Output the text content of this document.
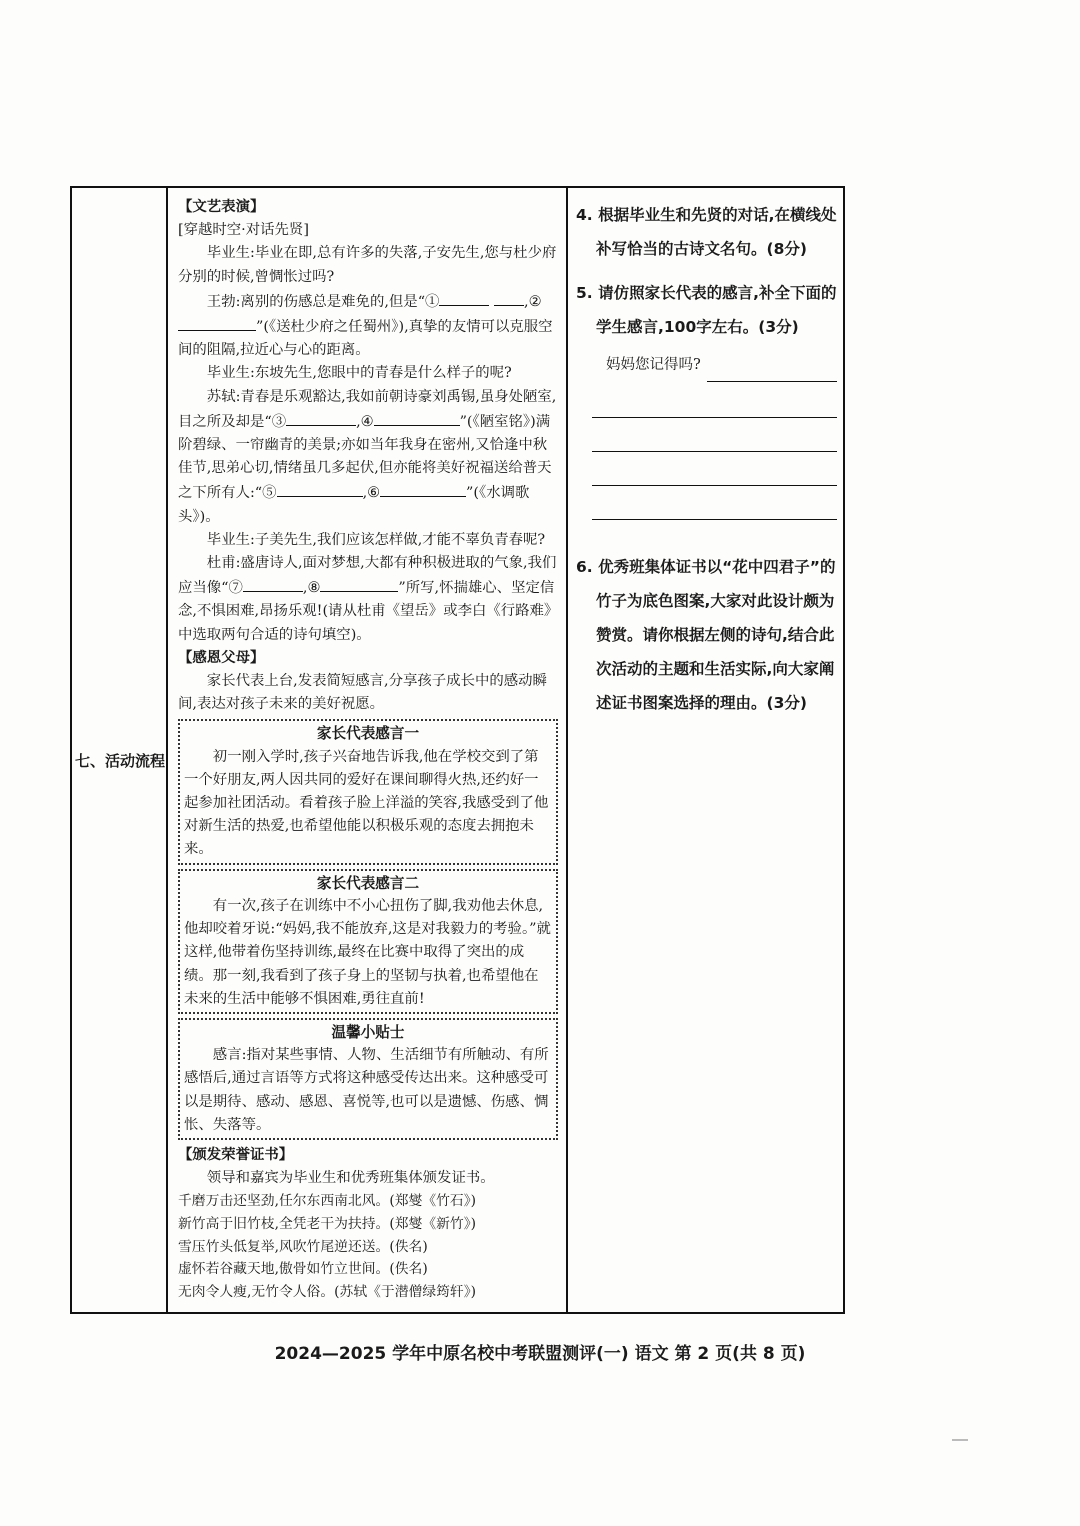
七、活动流程

【文艺表演】

[穿越时空·对话先贤]

毕业生:毕业在即,总有许多的失落,子安先生,您与杜少府分别的时候,曾惆怅过吗?

王勃:离别的伤感总是难免的,但是“①	,②”(《送杜少府之任蜀州》),真挚的友情可以克服空间的阻隔,拉近心与心的距离。

毕业生:东坡先生,您眼中的青春是什么样子的呢?

苏轼:青春是乐观豁达,我如前朝诗豪刘禹锡,虽身处陋室,目之所及却是“③	,④	”(《陋室铭》)满阶碧绿、一帘幽青的美景;亦如当年我身在密州,又恰逢中秋佳节,思弟心切,情绪虽几多起伏,但亦能将美好祝福送给普天之下所有人:“⑤	,⑥	”(《水调歌头》)。

毕业生:子美先生,我们应该怎样做,才能不辜负青春呢?

杜甫:盛唐诗人,面对梦想,大都有种积极进取的气象,我们应当像“⑦	,⑧	”所写,怀揣雄心、坚定信念,不惧困难,昂扬乐观!(请从杜甫《望岳》或李白《行路难》中选取两句合适的诗句填空)。

【感恩父母】

家长代表上台,发表简短感言,分享孩子成长中的感动瞬间,表达对孩子未来的美好祝愿。

家长代表感言一

初一刚入学时,孩子兴奋地告诉我,他在学校交到了第一个好朋友,两人因共同的爱好在课间聊得火热,还约好一起参加社团活动。看着孩子脸上洋溢的笑容,我感受到了他对新生活的热爱,也希望他能以积极乐观的态度去拥抱未来。

家长代表感言二

有一次,孩子在训练中不小心扭伤了脚,我劝他去休息,他却咬着牙说:“妈妈,我不能放弃,这是对我毅力的考验。”就这样,他带着伤坚持训练,最终在比赛中取得了突出的成绩。那一刻,我看到了孩子身上的坚韧与执着,也希望他在未来的生活中能够不惧困难,勇往直前!

温馨小贴士

感言:指对某些事情、人物、生活细节有所触动、有所感悟后,通过言语等方式将这种感受传达出来。这种感受可以是期待、感动、感恩、喜悦等,也可以是遗憾、伤感、惆怅、失落等。

【颁发荣誉证书】

领导和嘉宾为毕业生和优秀班集体颁发证书。

千磨万击还坚劲,任尔东西南北风。(郑燮《竹石》)
新竹高于旧竹枝,全凭老干为扶持。(郑燮《新竹》)
雪压竹头低复举,风吹竹尾逆还送。(佚名)
虚怀若谷藏天地,傲骨如竹立世间。(佚名)
无肉令人瘦,无竹令人俗。(苏轼《于潜僧绿筠轩》)

4. 根据毕业生和先贤的对话,在横线处补写恰当的古诗文名句。(8分)

5. 请仿照家长代表的感言,补全下面的学生感言,100字左右。(3分)

妈妈您记得吗?

6. 优秀班集体证书以“花中四君子”的竹子为底色图案,大家对此设计颇为赞赏。请你根据左侧的诗句,结合此次活动的主题和生活实际,向大家阐述证书图案选择的理由。(3分)

2024—2025 学年中原名校中考联盟测评(一) 语文 第 2 页(共 8 页)
